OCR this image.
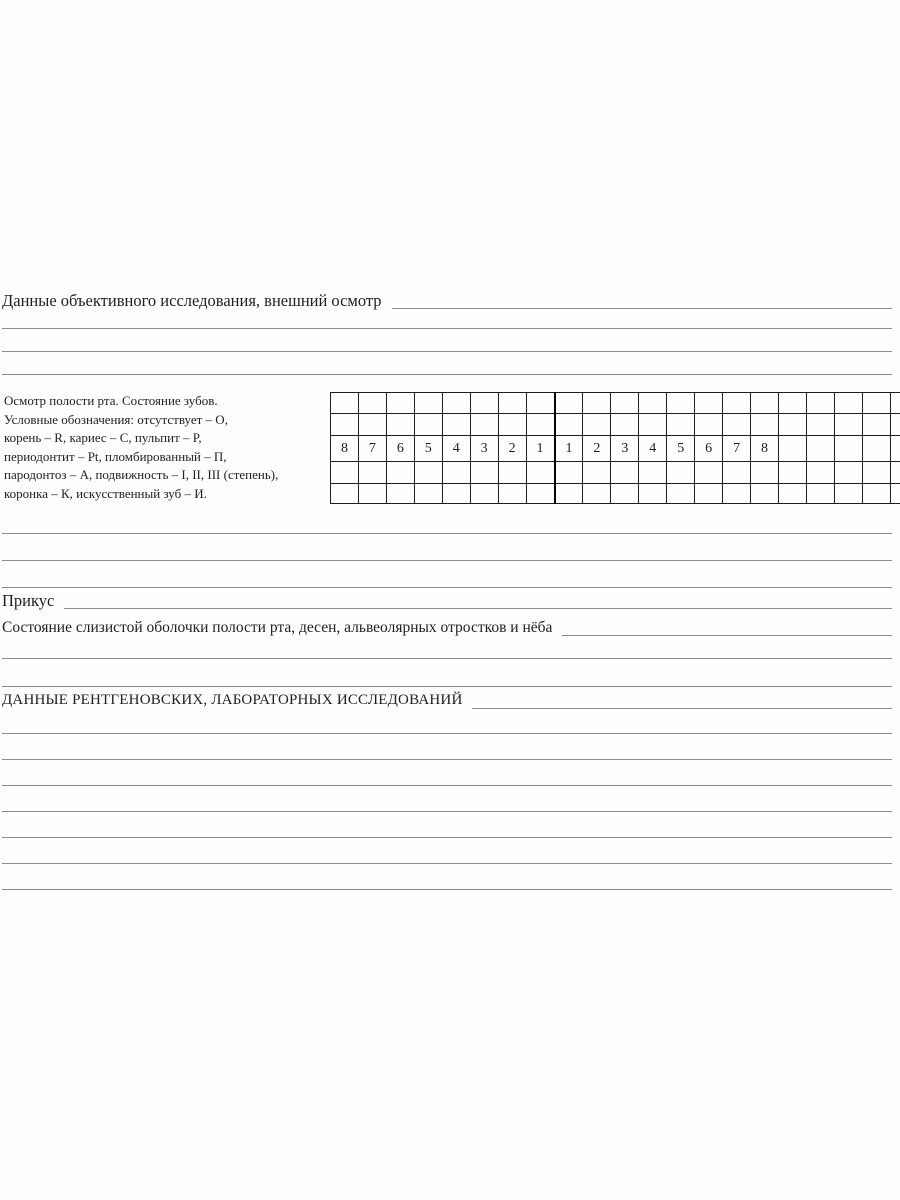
Данные объективного исследования, внешний осмотр
Осмотр полости рта. Состояние зубов.
Условные обозначения: отсутствует – О,
корень – R, кариес – С, пульпит – Р,
периодонтит – Pt, пломбированный – П,
пародонтоз – А, подвижность – I, II, III (степень),
коронка – К, искусственный зуб – И.

8	7	6	5	4	3	2	1	1	2	3	4	5	6	7	8					

Прикус
Состояние слизистой оболочки полости рта, десен, альвеолярных отростков и нёба
ДАННЫЕ РЕНТГЕНОВСКИХ, ЛАБОРАТОРНЫХ ИССЛЕДОВАНИЙ
